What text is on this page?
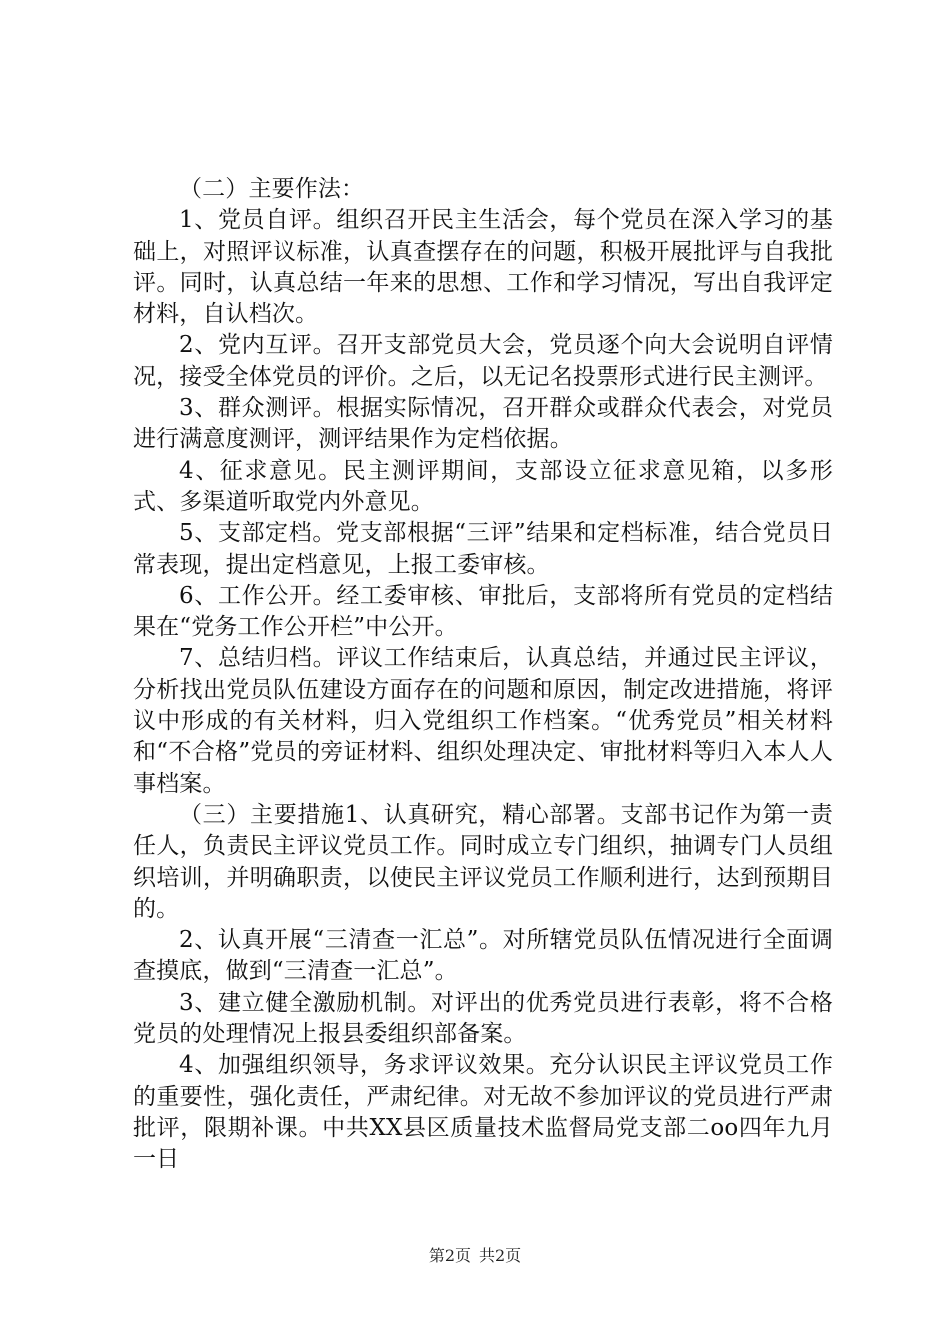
（二）主要作法：

1、党员自评。组织召开民主生活会，每个党员在深入学习的基础上，对照评议标准，认真查摆存在的问题，积极开展批评与自我批评。同时，认真总结一年来的思想、工作和学习情况，写出自我评定材料，自认档次。

2、党内互评。召开支部党员大会，党员逐个向大会说明自评情况，接受全体党员的评价。之后，以无记名投票形式进行民主测评。

3、群众测评。根据实际情况，召开群众或群众代表会，对党员进行满意度测评，测评结果作为定档依据。

4、征求意见。民主测评期间，支部设立征求意见箱，以多形式、多渠道听取党内外意见。

5、支部定档。党支部根据“三评”结果和定档标准，结合党员日常表现，提出定档意见，上报工委审核。

6、工作公开。经工委审核、审批后，支部将所有党员的定档结果在“党务工作公开栏”中公开。

7、总结归档。评议工作结束后，认真总结，并通过民主评议，分析找出党员队伍建设方面存在的问题和原因，制定改进措施，将评议中形成的有关材料，归入党组织工作档案。“优秀党员”相关材料和“不合格”党员的旁证材料、组织处理决定、审批材料等归入本人人事档案。

（三）主要措施1、认真研究，精心部署。支部书记作为第一责任人，负责民主评议党员工作。同时成立专门组织，抽调专门人员组织培训，并明确职责，以使民主评议党员工作顺利进行，达到预期目的。

2、认真开展“三清查一汇总”。对所辖党员队伍情况进行全面调查摸底，做到“三清查一汇总”。

3、建立健全激励机制。对评出的优秀党员进行表彰，将不合格党员的处理情况上报县委组织部备案。

4、加强组织领导，务求评议效果。充分认识民主评议党员工作的重要性，强化责任，严肃纪律。对无故不参加评议的党员进行严肃批评，限期补课。中共XX县区质量技术监督局党支部二oo四年九月一日

第2页 共2页
